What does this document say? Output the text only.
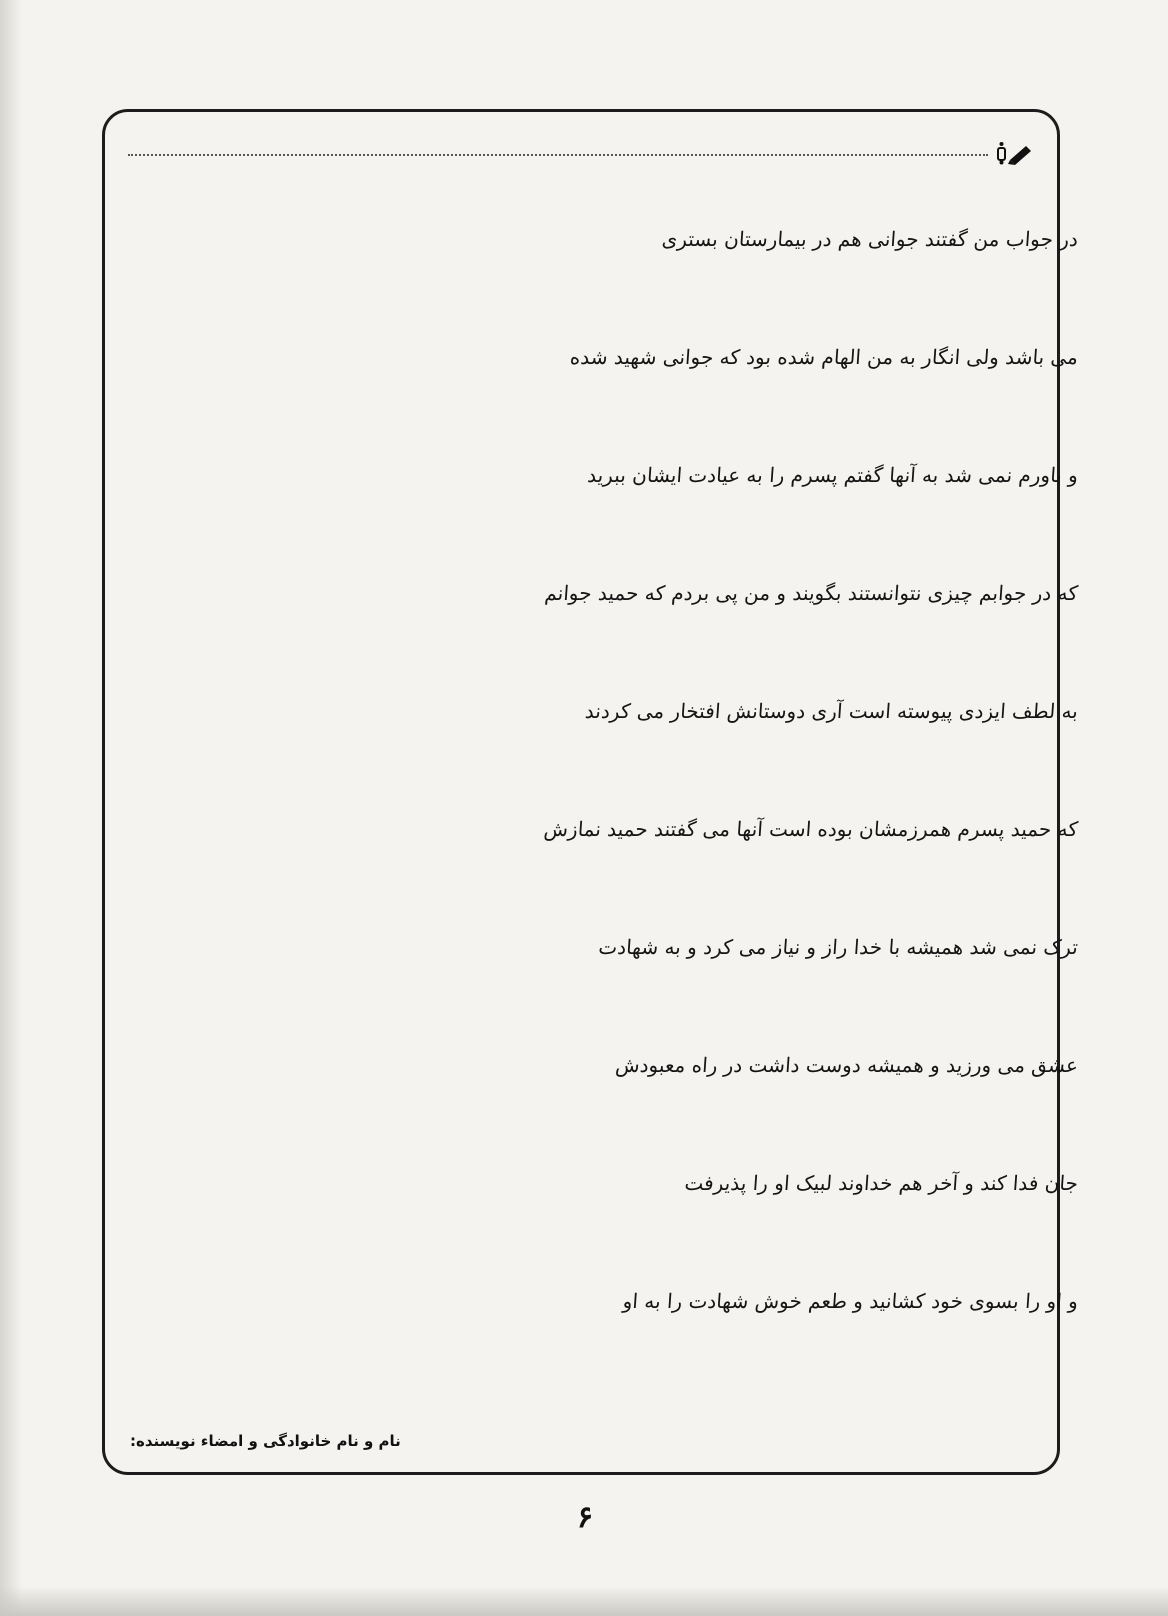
در جواب من گفتند جوانی هم در بیمارستان بستری
می باشد ولی انگار به من الهام شده بود که جوانی شهید شده
و باورم نمی شد به آنها گفتم پسرم را به عیادت ایشان ببرید
که در جوابم چیزی نتوانستند بگویند و من پی بردم که حمید جوانم
به لطف ایزدی پیوسته است آری دوستانش افتخار می کردند
که حمید پسرم همرزمشان بوده است آنها می گفتند حمید نمازش
ترک نمی شد همیشه با خدا راز و نیاز می کرد و به شهادت
عشق می ورزید و همیشه دوست داشت در راه معبودش
جان فدا کند و آخر هم خداوند لبیک او را پذیرفت
و او را بسوی خود کشانید و طعم خوش شهادت را به او
نام و نام خانوادگی و امضاء نویسنده:
۶
